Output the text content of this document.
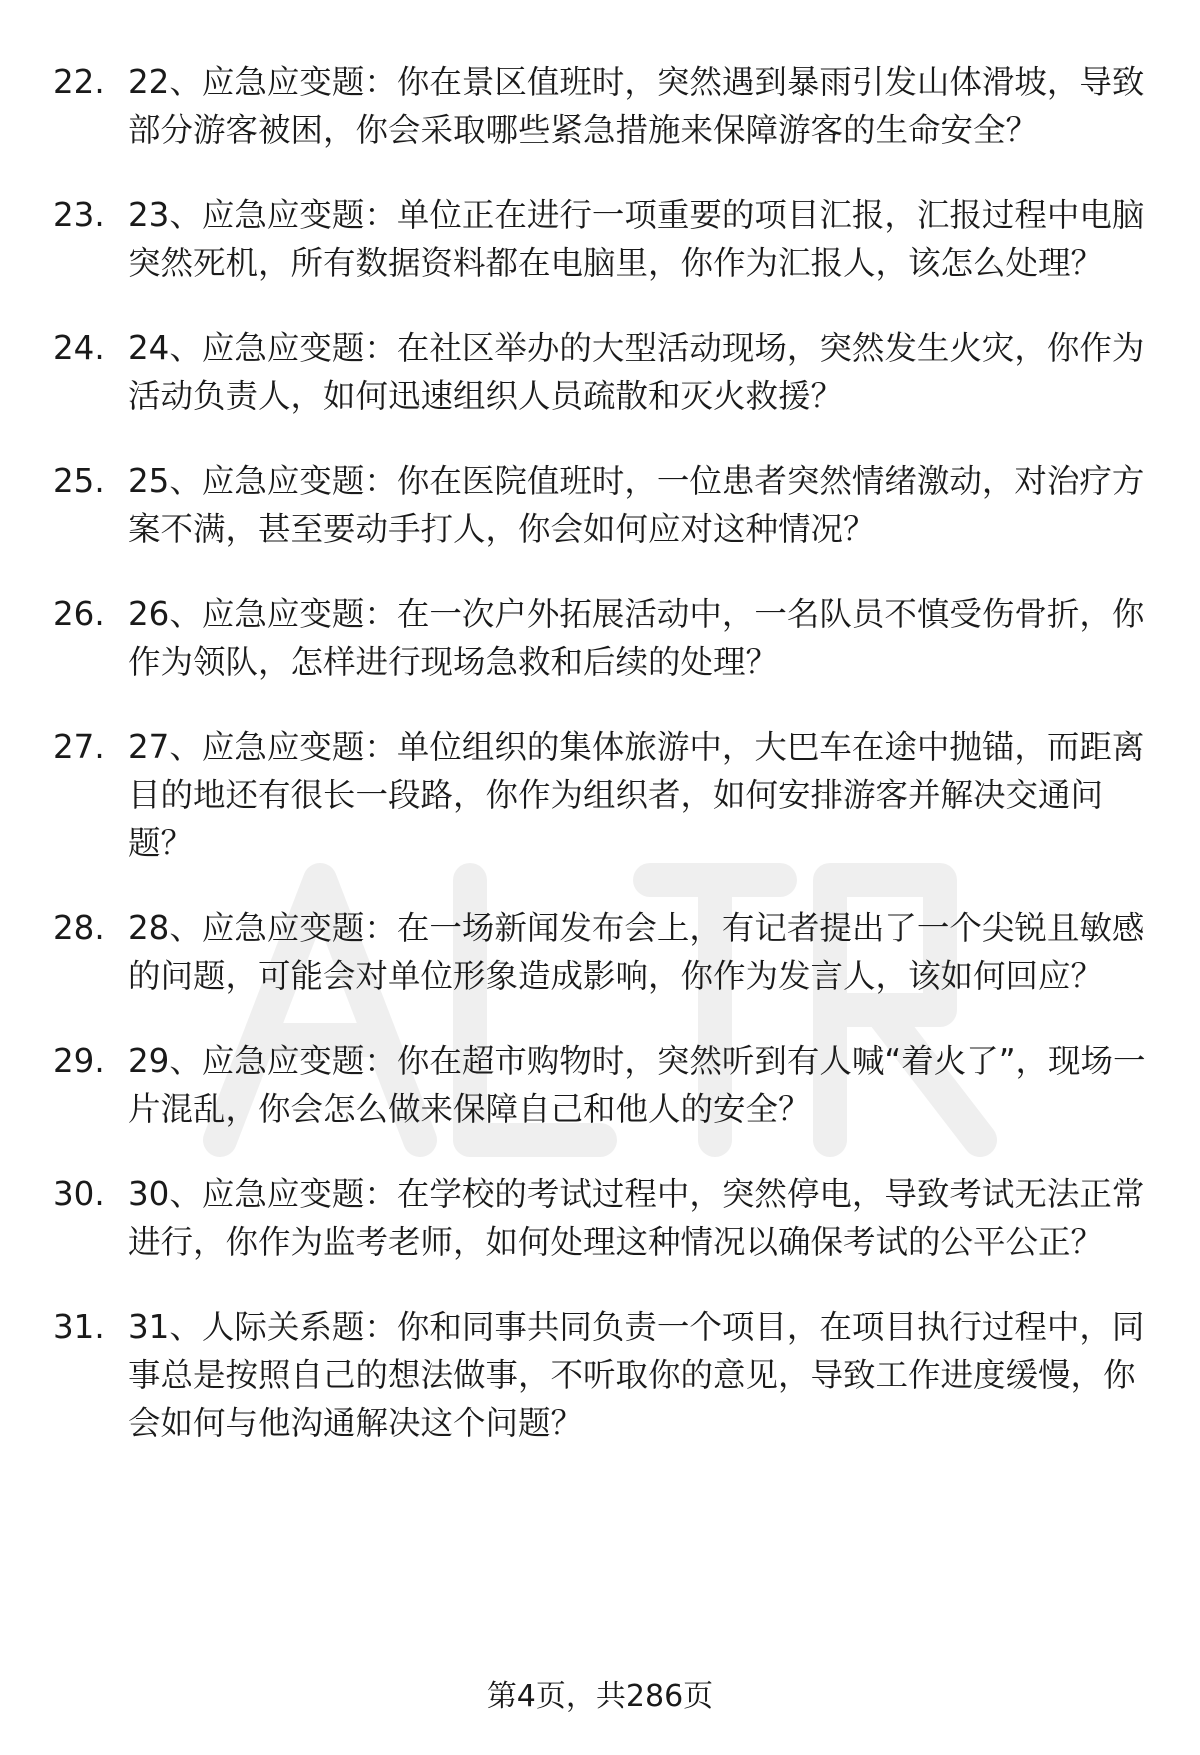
22. 22、应急应变题：你在景区值班时，突然遇到暴雨引发山体滑坡，导致部分游客被困，你会采取哪些紧急措施来保障游客的生命安全？
23. 23、应急应变题：单位正在进行一项重要的项目汇报，汇报过程中电脑突然死机，所有数据资料都在电脑里，你作为汇报人，该怎么处理？
24. 24、应急应变题：在社区举办的大型活动现场，突然发生火灾，你作为活动负责人，如何迅速组织人员疏散和灭火救援？
25. 25、应急应变题：你在医院值班时，一位患者突然情绪激动，对治疗方案不满，甚至要动手打人，你会如何应对这种情况？
26. 26、应急应变题：在一次户外拓展活动中，一名队员不慎受伤骨折，你作为领队，怎样进行现场急救和后续的处理？
27. 27、应急应变题：单位组织的集体旅游中，大巴车在途中抛锚，而距离目的地还有很长一段路，你作为组织者，如何安排游客并解决交通问题？
28. 28、应急应变题：在一场新闻发布会上，有记者提出了一个尖锐且敏感的问题，可能会对单位形象造成影响，你作为发言人，该如何回应？
29. 29、应急应变题：你在超市购物时，突然听到有人喊“着火了”，现场一片混乱，你会怎么做来保障自己和他人的安全？
30. 30、应急应变题：在学校的考试过程中，突然停电，导致考试无法正常进行，你作为监考老师，如何处理这种情况以确保考试的公平公正？
31. 31、人际关系题：你和同事共同负责一个项目，在项目执行过程中，同事总是按照自己的想法做事，不听取你的意见，导致工作进度缓慢，你会如何与他沟通解决这个问题？
第4页，共286页
